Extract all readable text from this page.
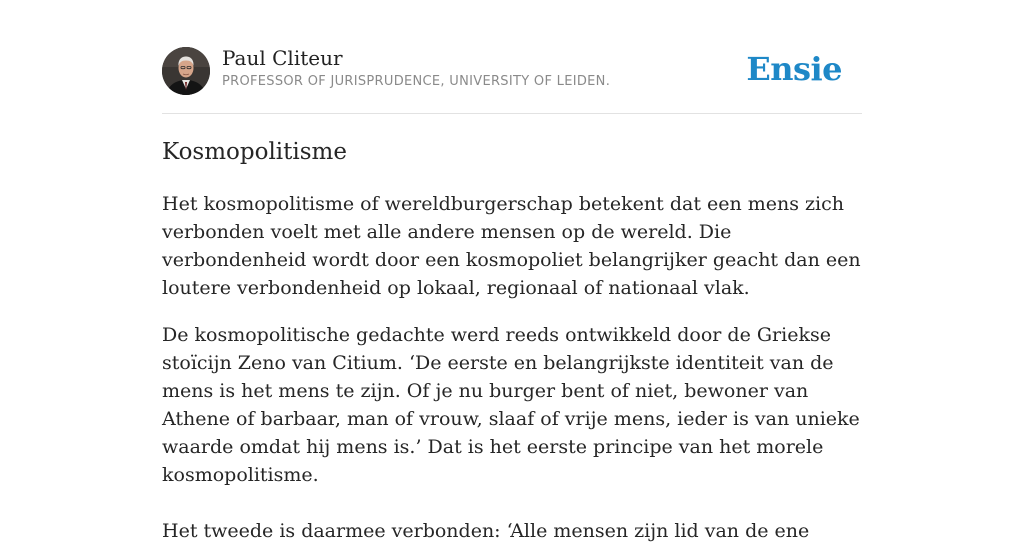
Paul Cliteur
PROFESSOR OF JURISPRUDENCE, UNIVERSITY OF LEIDEN.	Ensie
Kosmopolitisme

Het kosmopolitisme of wereldburgerschap betekent dat een mens zich verbonden voelt met alle andere mensen op de wereld. Die verbondenheid wordt door een kosmopoliet belangrijker geacht dan een loutere verbondenheid op lokaal, regionaal of nationaal vlak.

De kosmopolitische gedachte werd reeds ontwikkeld door de Griekse stoïcijn Zeno van Citium. ‘De eerste en belangrijkste identiteit van de mens is het mens te zijn. Of je nu burger bent of niet, bewoner van Athene of barbaar, man of vrouw, slaaf of vrije mens, ieder is van unieke waarde omdat hij mens is.’ Dat is het eerste principe van het morele kosmopolitisme.

Het tweede is daarmee verbonden: ‘Alle mensen zijn lid van de ene
